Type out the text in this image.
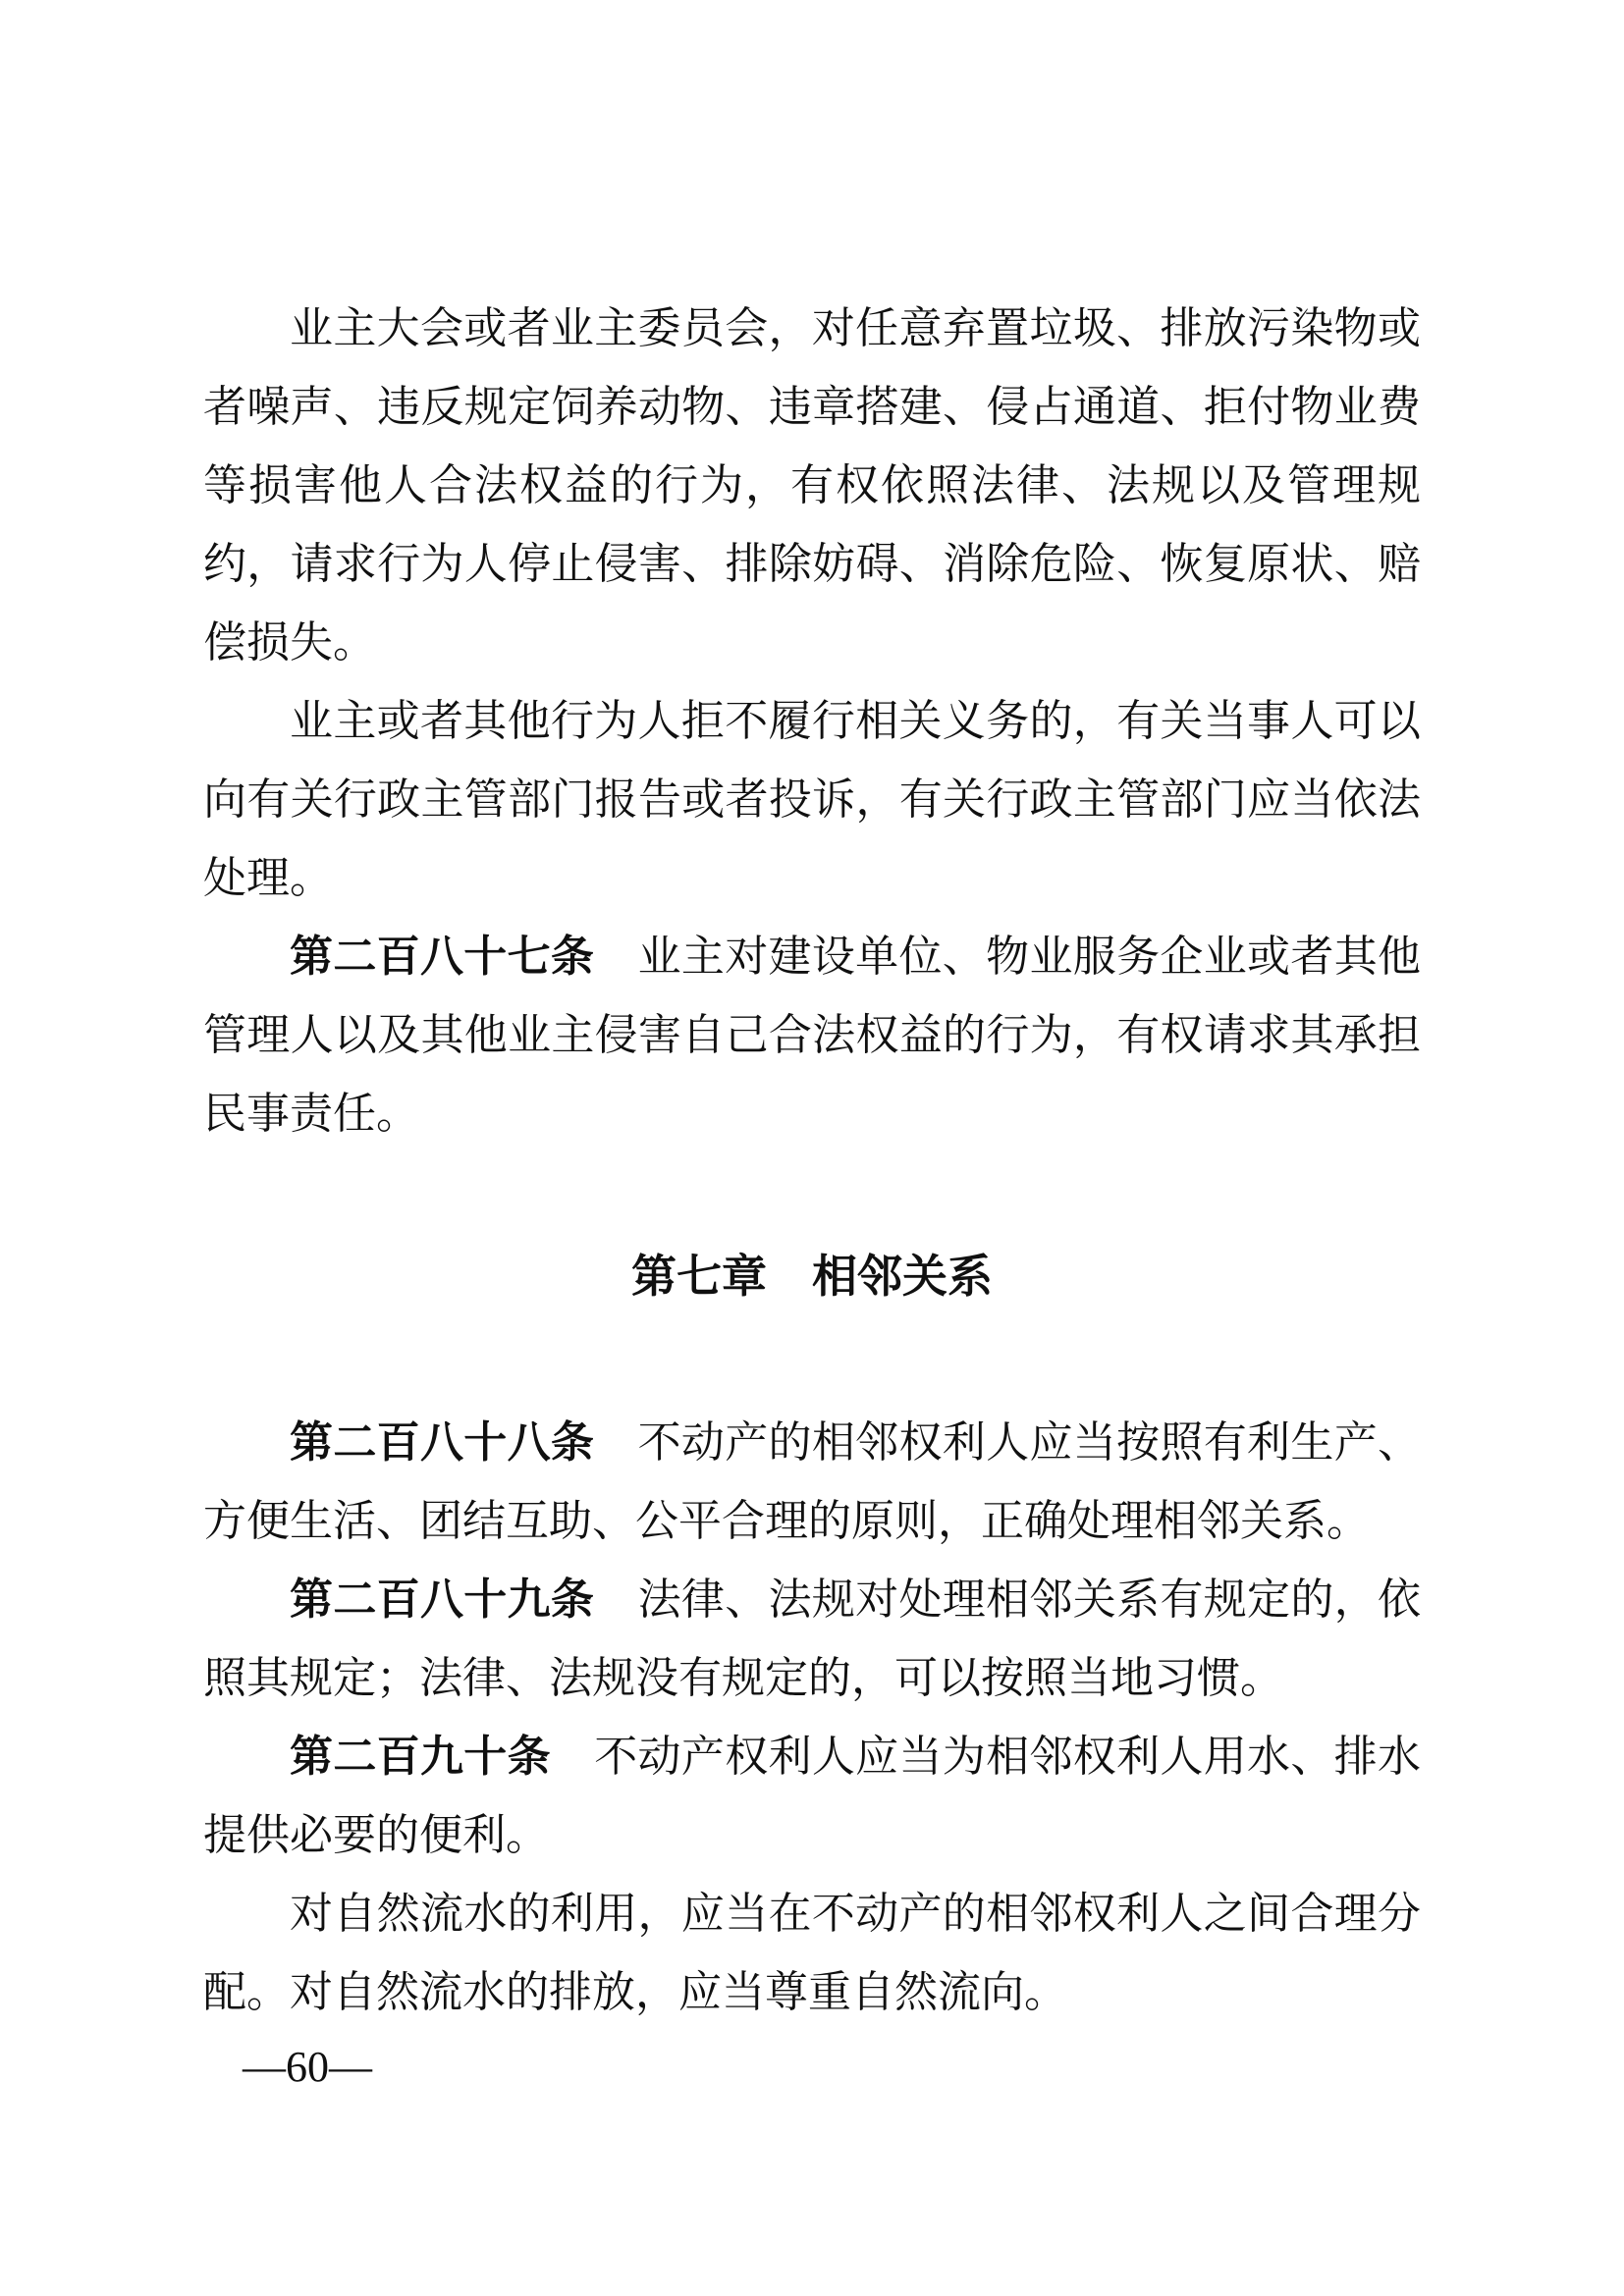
业主大会或者业主委员会，对任意弃置垃圾、排放污染物或者噪声、违反规定饲养动物、违章搭建、侵占通道、拒付物业费等损害他人合法权益的行为，有权依照法律、法规以及管理规约，请求行为人停止侵害、排除妨碍、消除危险、恢复原状、赔偿损失。

业主或者其他行为人拒不履行相关义务的，有关当事人可以向有关行政主管部门报告或者投诉，有关行政主管部门应当依法处理。

第二百八十七条　业主对建设单位、物业服务企业或者其他管理人以及其他业主侵害自己合法权益的行为，有权请求其承担民事责任。

第七章　相邻关系

第二百八十八条　不动产的相邻权利人应当按照有利生产、方便生活、团结互助、公平合理的原则，正确处理相邻关系。

第二百八十九条　法律、法规对处理相邻关系有规定的，依照其规定；法律、法规没有规定的，可以按照当地习惯。

第二百九十条　不动产权利人应当为相邻权利人用水、排水提供必要的便利。

对自然流水的利用，应当在不动产的相邻权利人之间合理分配。对自然流水的排放，应当尊重自然流向。

—60—
